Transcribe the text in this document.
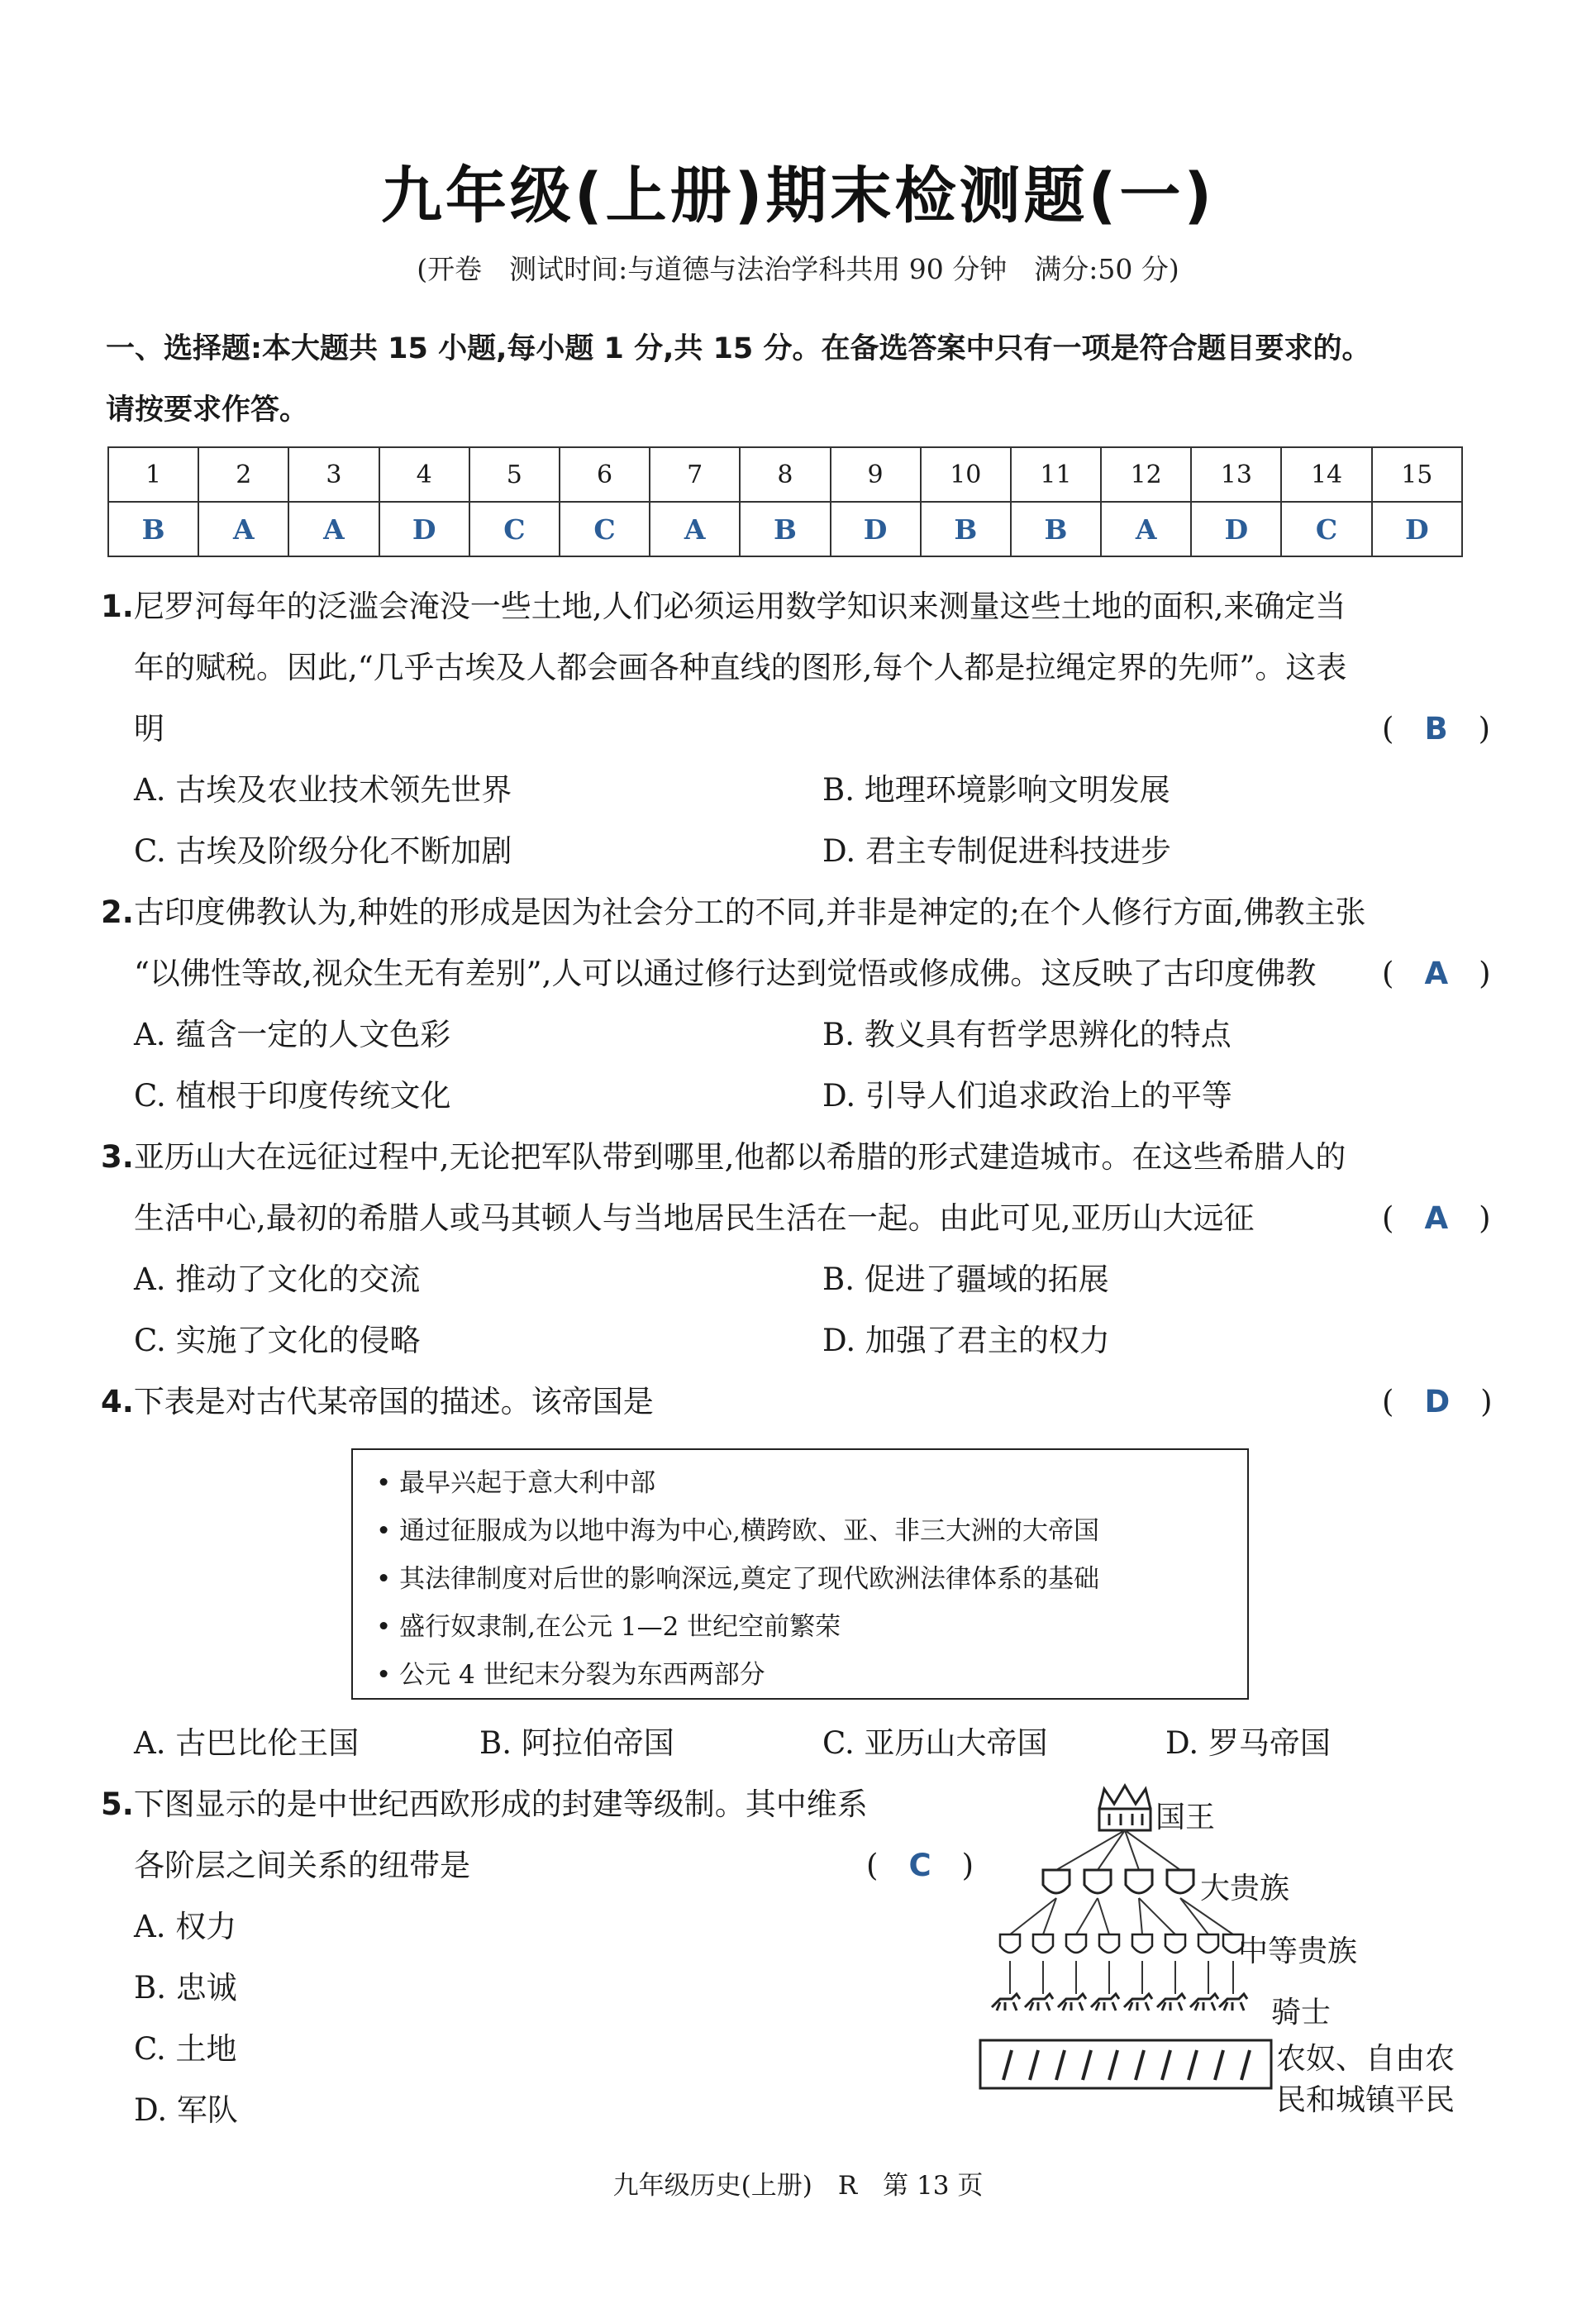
九年级(上册)期末检测题(一)
(开卷　测试时间:与道德与法治学科共用 90 分钟　满分:50 分)
一、选择题:本大题共 15 小题,每小题 1 分,共 15 分。在备选答案中只有一项是符合题目要求的。
请按要求作答。
1	2	3	4	5	6	7	8	9	10	11	12	13	14	15
B	A	A	D	C	C	A	B	D	B	B	A	D	C	D
1.尼罗河每年的泛滥会淹没一些土地,人们必须运用数学知识来测量这些土地的面积,来确定当
年的赋税。因此,“几乎古埃及人都会画各种直线的图形,每个人都是拉绳定界的先师”。这表
明	(　B　)
A. 古埃及农业技术领先世界	B. 地理环境影响文明发展
C. 古埃及阶级分化不断加剧	D. 君主专制促进科技进步
2.古印度佛教认为,种姓的形成是因为社会分工的不同,并非是神定的;在个人修行方面,佛教主张
“以佛性等故,视众生无有差别”,人可以通过修行达到觉悟或修成佛。这反映了古印度佛教 (　A　)
A. 蕴含一定的人文色彩	B. 教义具有哲学思辨化的特点
C. 植根于印度传统文化	D. 引导人们追求政治上的平等
3.亚历山大在远征过程中,无论把军队带到哪里,他都以希腊的形式建造城市。在这些希腊人的
生活中心,最初的希腊人或马其顿人与当地居民生活在一起。由此可见,亚历山大远征	(　A　)
A. 推动了文化的交流	B. 促进了疆域的拓展
C. 实施了文化的侵略	D. 加强了君主的权力
4.下表是对古代某帝国的描述。该帝国是	(　D　)
• 最早兴起于意大利中部
• 通过征服成为以地中海为中心,横跨欧、亚、非三大洲的大帝国
• 其法律制度对后世的影响深远,奠定了现代欧洲法律体系的基础
• 盛行奴隶制,在公元 1—2 世纪空前繁荣
• 公元 4 世纪末分裂为东西两部分
A. 古巴比伦王国	B. 阿拉伯帝国	C. 亚历山大帝国	D. 罗马帝国
5.下图显示的是中世纪西欧形成的封建等级制。其中维系
各阶层之间关系的纽带是	(　C　)
A. 权力
B. 忠诚
C. 土地
D. 军队
国王
大贵族
中等贵族
骑士
农奴、自由农
民和城镇平民
九年级历史(上册)　R　第 13 页
